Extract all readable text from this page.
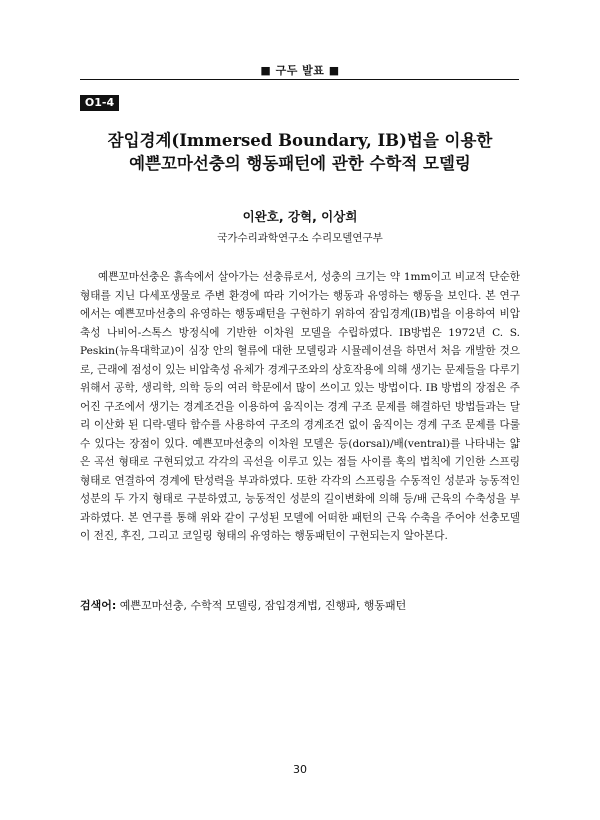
■ 구두 발표 ■
O1-4
잠입경계(Immersed Boundary, IB)법을 이용한
예쁜꼬마선충의 행동패턴에 관한 수학적 모델링
이완호, 강혁, 이상희
국가수리과학연구소 수리모델연구부

예쁜꼬마선충은 흙속에서 살아가는 선충류로서, 성충의 크기는 약 1mm이고 비교적 단순한 형태를 지닌 다세포생물로 주변 환경에 따라 기어가는 행동과 유영하는 행동을 보인다. 본 연구에서는 예쁜꼬마선충의 유영하는 행동패턴을 구현하기 위하여 잠입경계(IB)법을 이용하여 비압축성 나비어-스톡스 방정식에 기반한 이차원 모델을 수립하였다. IB방법은 1972년 C. S. Peskin(뉴욕대학교)이 심장 안의 혈류에 대한 모델링과 시뮬레이션을 하면서 처음 개발한 것으로, 근래에 점성이 있는 비압축성 유체가 경계구조와의 상호작용에 의해 생기는 문제들을 다루기 위해서 공학, 생리학, 의학 등의 여러 학문에서 많이 쓰이고 있는 방법이다. IB 방법의 장점은 주어진 구조에서 생기는 경계조건을 이용하여 움직이는 경계 구조 문제를 해결하던 방법들과는 달리 이산화 된 디락-델타 함수를 사용하여 구조의 경계조건 없이 움직이는 경계 구조 문제를 다룰 수 있다는 장점이 있다. 예쁜꼬마선충의 이차원 모델은 등(dorsal)/배(ventral)를 나타내는 얇은 곡선 형태로 구현되었고 각각의 곡선을 이루고 있는 점들 사이를 훅의 법칙에 기인한 스프링 형태로 연결하여 경계에 탄성력을 부과하였다. 또한 각각의 스프링을 수동적인 성분과 능동적인 성분의 두 가지 형태로 구분하였고, 능동적인 성분의 길이변화에 의해 등/배 근육의 수축성을 부과하였다. 본 연구를 통해 위와 같이 구성된 모델에 어떠한 패턴의 근육 수축을 주어야 선충모델이 전진, 후진, 그리고 코일링 형태의 유영하는 행동패턴이 구현되는지 알아본다.

검색어: 예쁜꼬마선충, 수학적 모델링, 잠입경계법, 진행파, 행동패턴

30
